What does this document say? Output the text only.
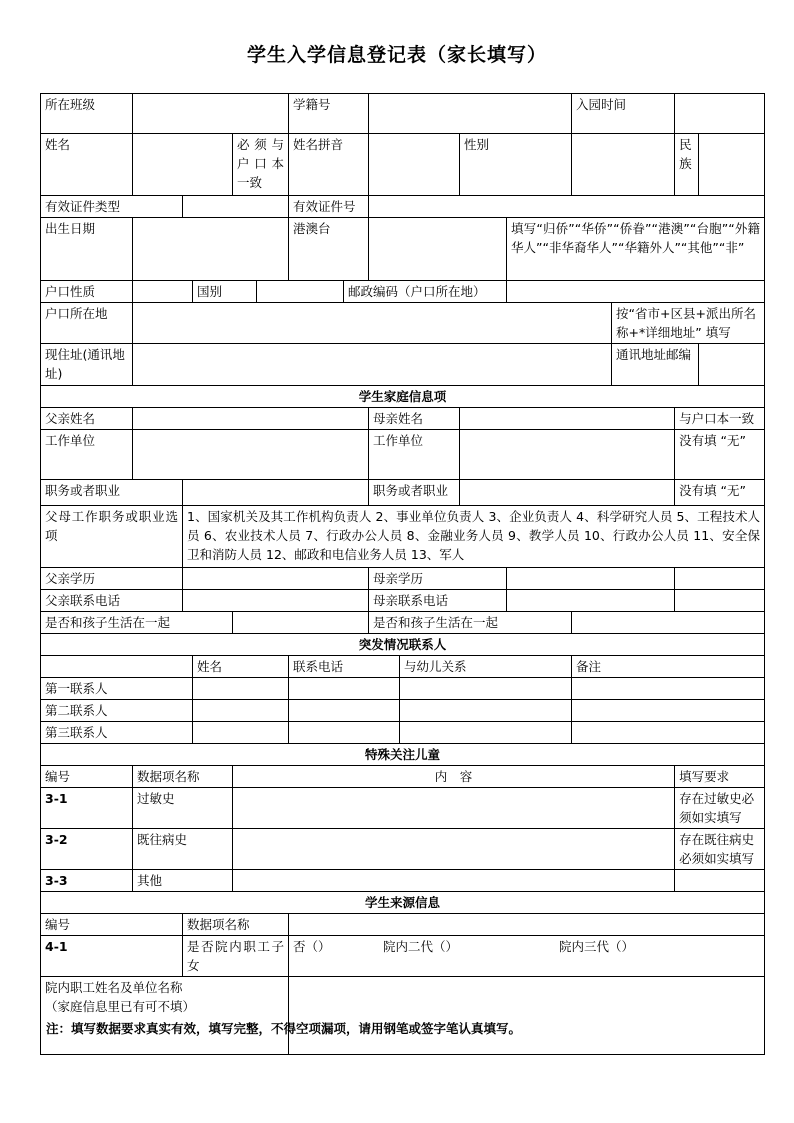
学生入学信息登记表（家长填写）
所在班级						学籍号						入园时间			
姓名				必须与户口本一致		姓名拼音				性别				民族	
有效证件类型						有效证件号									
出生日期						港澳台					填写“归侨”“华侨”“侨眷”“港澳”“台胞”“外籍华人”“非华裔华人”“华籍外人”“其他”“非”				
户口性质			国别				邮政编码（户口所在地）								
户口所在地													按“省市+区县+派出所名称+*详细地址” 填写		
现住址(通讯地址)													通讯地址邮编		
学生家庭信息项															
父亲姓名								母亲姓名						与户口本一致	
工作单位								工作单位						没有填 “无”	
职务或者职业								职务或者职业						没有填 “无”	
父母工作职务或职业选项		1、国家机关及其工作机构负责人 2、事业单位负责人 3、企业负责人 4、科学研究人员 5、工程技术人员 6、农业技术人员 7、行政办公人员 8、金融业务人员 9、教学人员 10、行政办公人员 11、安全保卫和消防人员 12、邮政和电信业务人员 13、军人													
父亲学历								母亲学历							
父亲联系电话								母亲联系电话							
是否和孩子生活在一起								是否和孩子生活在一起							
突发情况联系人															
			姓名			联系电话			与幼儿关系			备注			
第一联系人															
第二联系人															
第三联系人															
特殊关注儿童															
编号	数据项名称			内　容										填写要求	
3-1	过敏史													存在过敏史必须如实填写	
3-2	既往病史													存在既往病史必须如实填写	
3-3	其他														
学生来源信息															
编号		数据项名称													
4-1		是否院内职工子女				否（） 院内二代（） 院内三代（）									

院内职工姓名及单位名称
（家庭信息里已有可不填）															

注：填写数据要求真实有效，填写完整，不得空项漏项，请用钢笔或签字笔认真填写。
